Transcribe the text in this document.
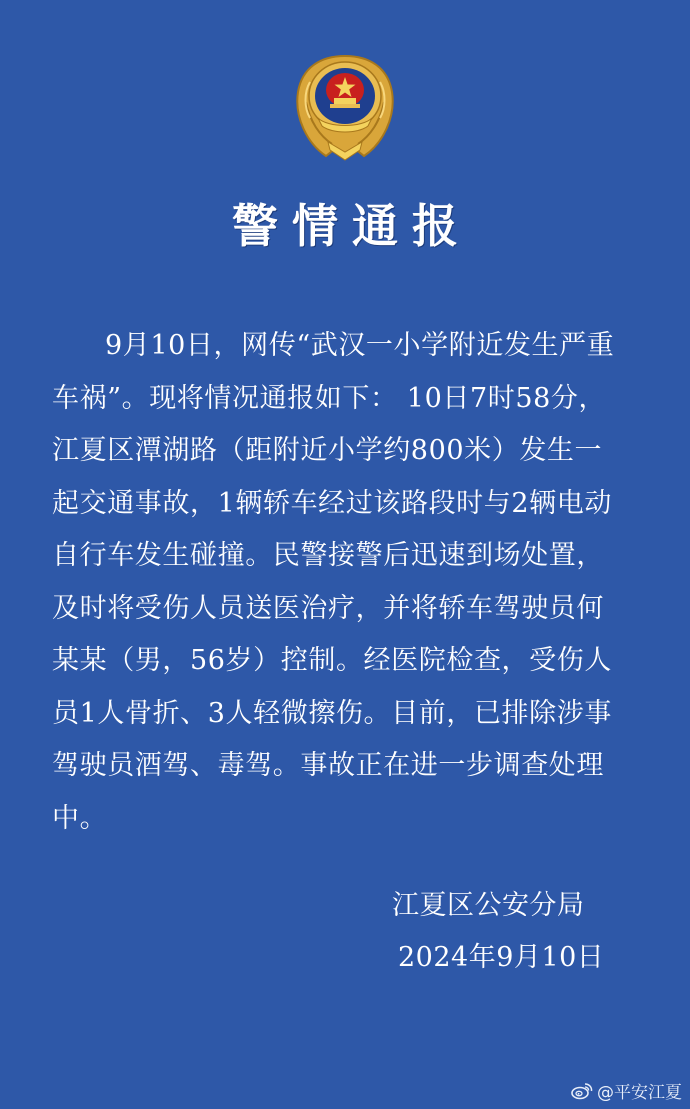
警情通报
9月10日，网传“武汉一小学附近发生严重
车祸”。现将情况通报如下： 10日7时58分，
江夏区潭湖路（距附近小学约800米）发生一
起交通事故，1辆轿车经过该路段时与2辆电动
自行车发生碰撞。民警接警后迅速到场处置，
及时将受伤人员送医治疗，并将轿车驾驶员何
某某（男，56岁）控制。经医院检查，受伤人
员1人骨折、3人轻微擦伤。目前，已排除涉事
驾驶员酒驾、毒驾。事故正在进一步调查处理
中。
江夏区公安分局
2024年9月10日
@平安江夏
